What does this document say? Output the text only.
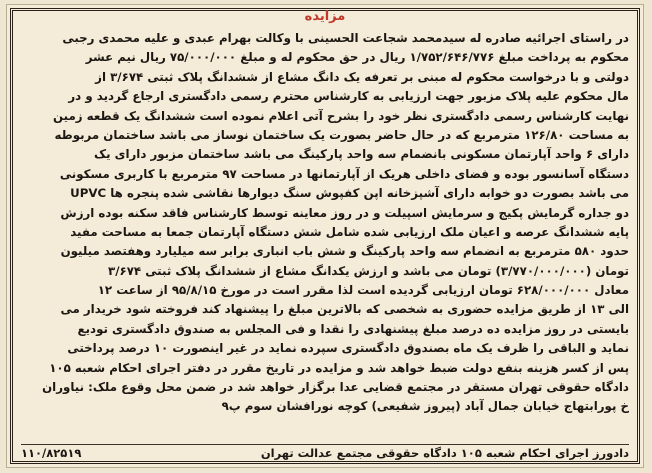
مزایده
در راستای اجرائیه صادره له سیدمحمد شجاعت الحسینی با وکالت بهرام عبدی و علیه محمدی رجبی
محکوم به پرداخت مبلغ ۱/۷۵۲/۶۴۶/۷۷۶ ریال در حق محکوم له و مبلغ ۷۵/۰۰۰/۰۰۰ ریال نیم عشر
دولتی و با درخواست محکوم له مبنی بر تعرفه یک دانگ مشاع از ششدانگ پلاک ثبتی ۳/۶۷۴ از
مال محکوم علیه پلاک مزبور جهت ارزیابی به کارشناس محترم رسمی دادگستری ارجاع گردید و در
نهایت کارشناس رسمی دادگستری نظر خود را بشرح آتی اعلام نموده است ششدانگ یک قطعه زمین
به مساحت ۱۲۶/۸۰ مترمربع که در حال حاضر بصورت یک ساختمان نوساز می باشد ساختمان مربوطه
دارای ۶ واحد آپارتمان مسکونی بانضمام سه واحد پارکینگ می باشد ساختمان مزبور دارای یک
دستگاه آسانسور بوده و فضای داخلی هریک از آپارتمانها در مساحت ۹۷ مترمربع با کاربری مسکونی
می باشد بصورت دو خوابه دارای آشپزخانه اپن کفپوش سنگ دیوارها نقاشی شده پنجره ها UPVC
دو جداره گرمایش پکیج و سرمایش اسپیلت و در روز معاینه توسط کارشناس فاقد سکنه بوده ارزش
پایه ششدانگ عرصه و اعیان ملک ارزیابی شده شامل شش دستگاه آپارتمان جمعا به مساحت مفید
حدود ۵۸۰ مترمربع به انضمام سه واحد پارکینگ و شش باب انباری برابر سه میلیارد وهفتصد میلیون
تومان (۳/۷۷۰/۰۰۰/۰۰۰) تومان می باشد و ارزش یکدانگ مشاع از ششدانگ پلاک ثبتی ۳/۶۷۴
معادل ۶۲۸/۰۰۰/۰۰۰ تومان ارزیابی گردیده است لذا مقرر است در مورخ ۹۵/۸/۱۵ از ساعت ۱۲
الی ۱۳ از طریق مزایده حضوری به شخصی که بالاترین مبلغ را پیشنهاد کند فروخته شود خریدار می
بایستی در روز مزایده ده درصد مبلغ پیشنهادی را نقدا و فی المجلس به صندوق دادگستری تودیع
نماید و الباقی را ظرف یک ماه بصندوق دادگستری سپرده نماید در غیر اینصورت ۱۰ درصد پرداختی
پس از کسر هزینه بنفع دولت ضبط خواهد شد و مزایده در تاریخ مقرر در دفتر اجرای احکام شعبه ۱۰۵
دادگاه حقوقی تهران مستقر در مجتمع قضایی عدا برگزار خواهد شد در ضمن محل وقوع ملک: نیاوران
خ پورابتهاج خیابان جمال آباد (پیروز شفیعی) کوچه نورافشان سوم پ۹
دادورز اجرای احکام شعبه ۱۰۵ دادگاه حقوقی مجتمع عدالت تهران
۱۱۰/۸۲۵۱۹
